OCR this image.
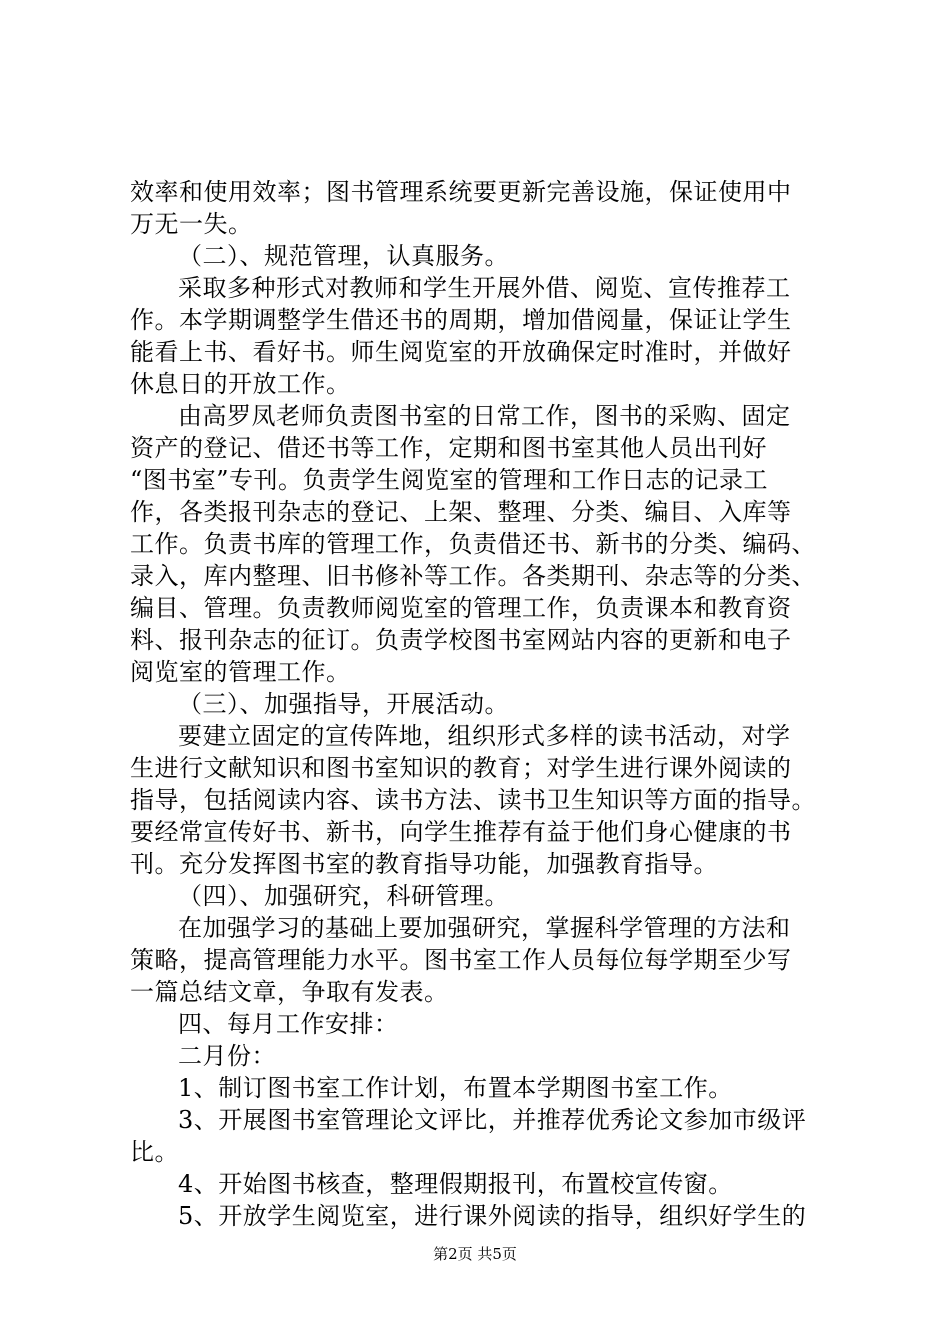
效率和使用效率；图书管理系统要更新完善设施，保证使用中
万无一失。
（二）、规范管理，认真服务。
采取多种形式对教师和学生开展外借、阅览、宣传推荐工
作。本学期调整学生借还书的周期，增加借阅量，保证让学生
能看上书、看好书。师生阅览室的开放确保定时准时，并做好
休息日的开放工作。
由高罗凤老师负责图书室的日常工作，图书的采购、固定
资产的登记、借还书等工作，定期和图书室其他人员出刊好
“图书室”专刊。负责学生阅览室的管理和工作日志的记录工
作，各类报刊杂志的登记、上架、整理、分类、编目、入库等
工作。负责书库的管理工作，负责借还书、新书的分类、编码、
录入，库内整理、旧书修补等工作。各类期刊、杂志等的分类、
编目、管理。负责教师阅览室的管理工作，负责课本和教育资
料、报刊杂志的征订。负责学校图书室网站内容的更新和电子
阅览室的管理工作。
（三）、加强指导，开展活动。
要建立固定的宣传阵地，组织形式多样的读书活动，对学
生进行文献知识和图书室知识的教育；对学生进行课外阅读的
指导，包括阅读内容、读书方法、读书卫生知识等方面的指导。
要经常宣传好书、新书，向学生推荐有益于他们身心健康的书
刊。充分发挥图书室的教育指导功能，加强教育指导。
（四）、加强研究，科研管理。
在加强学习的基础上要加强研究，掌握科学管理的方法和
策略，提高管理能力水平。图书室工作人员每位每学期至少写
一篇总结文章，争取有发表。
四、每月工作安排：
二月份：
1、制订图书室工作计划，布置本学期图书室工作。
3、开展图书室管理论文评比，并推荐优秀论文参加市级评
比。
4、开始图书核查，整理假期报刊，布置校宣传窗。
5、开放学生阅览室，进行课外阅读的指导，组织好学生的
第2页 共5页
